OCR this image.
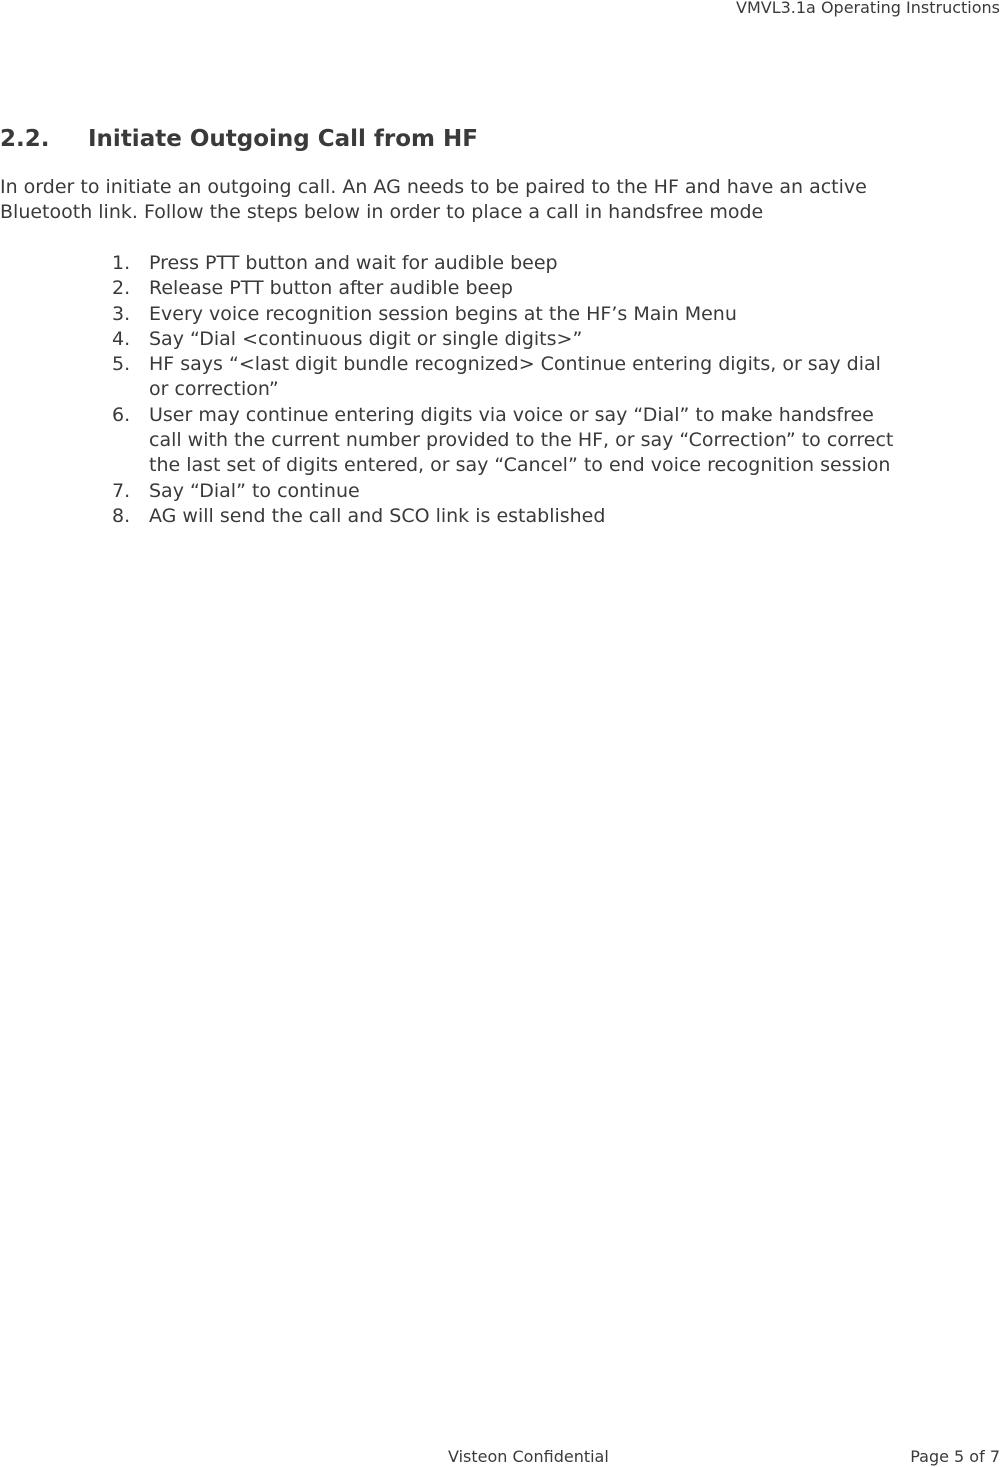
VMVL3.1a Operating Instructions
2.2. Initiate Outgoing Call from HF

In order to initiate an outgoing call. An AG needs to be paired to the HF and have an active

Bluetooth link. Follow the steps below in order to place a call in handsfree mode

1. Press PTT button and wait for audible beep
2. Release PTT button after audible beep
3. Every voice recognition session begins at the HF’s Main Menu
4. Say “Dial <continuous digit or single digits>”
5. HF says “<last digit bundle recognized> Continue entering digits, or say dial
or correction”
6. User may continue entering digits via voice or say “Dial” to make handsfree
call with the current number provided to the HF, or say “Correction” to correct
the last set of digits entered, or say “Cancel” to end voice recognition session
7. Say “Dial” to continue
8. AG will send the call and SCO link is established
Visteon Confidential	Page 5 of 7
